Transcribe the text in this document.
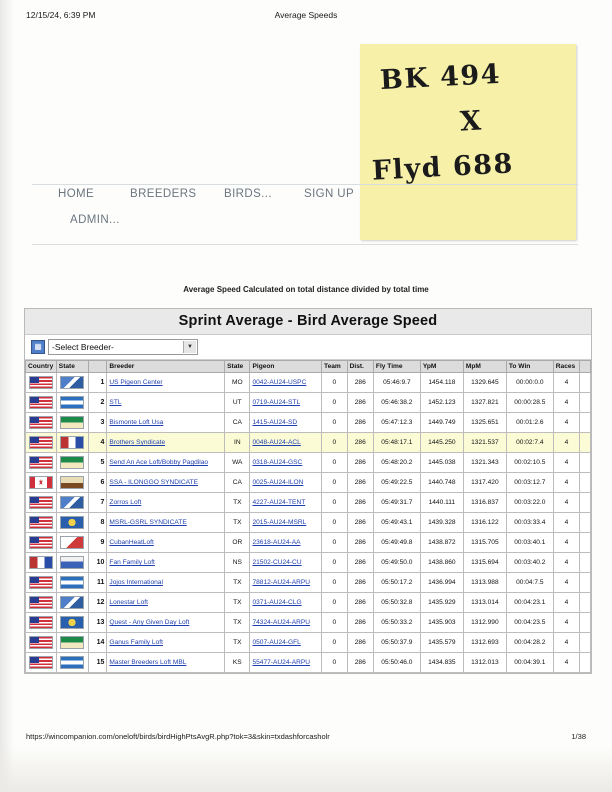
12/15/24, 6:39 PM	Average Speeds
BK 494
X
Flyd 688
HOME	BREEDERS BIRDS...	SIGN UP
ADMIN...
Average Speed Calculated on total distance divided by total time
Sprint Average - Bird Average Speed
▦	-Select Breeder-	▼
Country	State		Breeder	State	Pigeon	Team	Dist.	Fly Time	YpM	MpM	To Win	Races	
		1	US Pigeon Center	MO	0042-AU24-USPC	0	286	05:46:9.7	1454.118	1329.645	00:00:0.0	4	
		2	STL	UT	0719-AU24-STL	0	286	05:46:38.2	1452.123	1327.821	00:00:28.5	4	
		3	Bismonte Loft Usa	CA	1415-AU24-SD	0	286	05:47:12.3	1449.749	1325.651	00:01:2.6	4	
		4	Brothers Syndicate	IN	0048-AU24-ACL	0	286	05:48:17.1	1445.250	1321.537	00:02:7.4	4	
		5	Send An Ace Loft/Bobby Pagdilao	WA	0318-AU24-GSC	0	286	05:48:20.2	1445.038	1321.343	00:02:10.5	4	
		6	SSA - ILONGGO SYNDICATE	CA	0025-AU24-ILON	0	286	05:49:22.5	1440.748	1317.420	00:03:12.7	4	
		7	Zorros Loft	TX	4227-AU24-TENT	0	286	05:49:31.7	1440.111	1316.837	00:03:22.0	4	
		8	MSRL-GSRL SYNDICATE	TX	2015-AU24-MSRL	0	286	05:49:43.1	1439.328	1316.122	00:03:33.4	4	
		9	CubanHeatLoft	OR	23618-AU24-AA	0	286	05:49:49.8	1438.872	1315.705	00:03:40.1	4	
		10	Fan Family Loft	NS	21502-CU24-CU	0	286	05:49:50.0	1438.860	1315.694	00:03:40.2	4	
		11	Jojos International	TX	78812-AU24-ARPU	0	286	05:50:17.2	1436.994	1313.988	00:04:7.5	4	
		12	Lonestar Loft	TX	0371-AU24-CLG	0	286	05:50:32.8	1435.929	1313.014	00:04:23.1	4	
		13	Quest - Any Given Day Loft	TX	74324-AU24-ARPU	0	286	05:50:33.2	1435.903	1312.990	00:04:23.5	4	
		14	Ganus Family Loft	TX	0507-AU24-GFL	0	286	05:50:37.9	1435.579	1312.693	00:04:28.2	4	
		15	Master Breeders Loft MBL	KS	55477-AU24-ARPU	0	286	05:50:46.0	1434.835	1312.013	00:04:39.1	4	
https://wincompanion.com/oneloft/birds/birdHighPtsAvgR.php?tok=3&skin=txdashforcasholr	1/38
